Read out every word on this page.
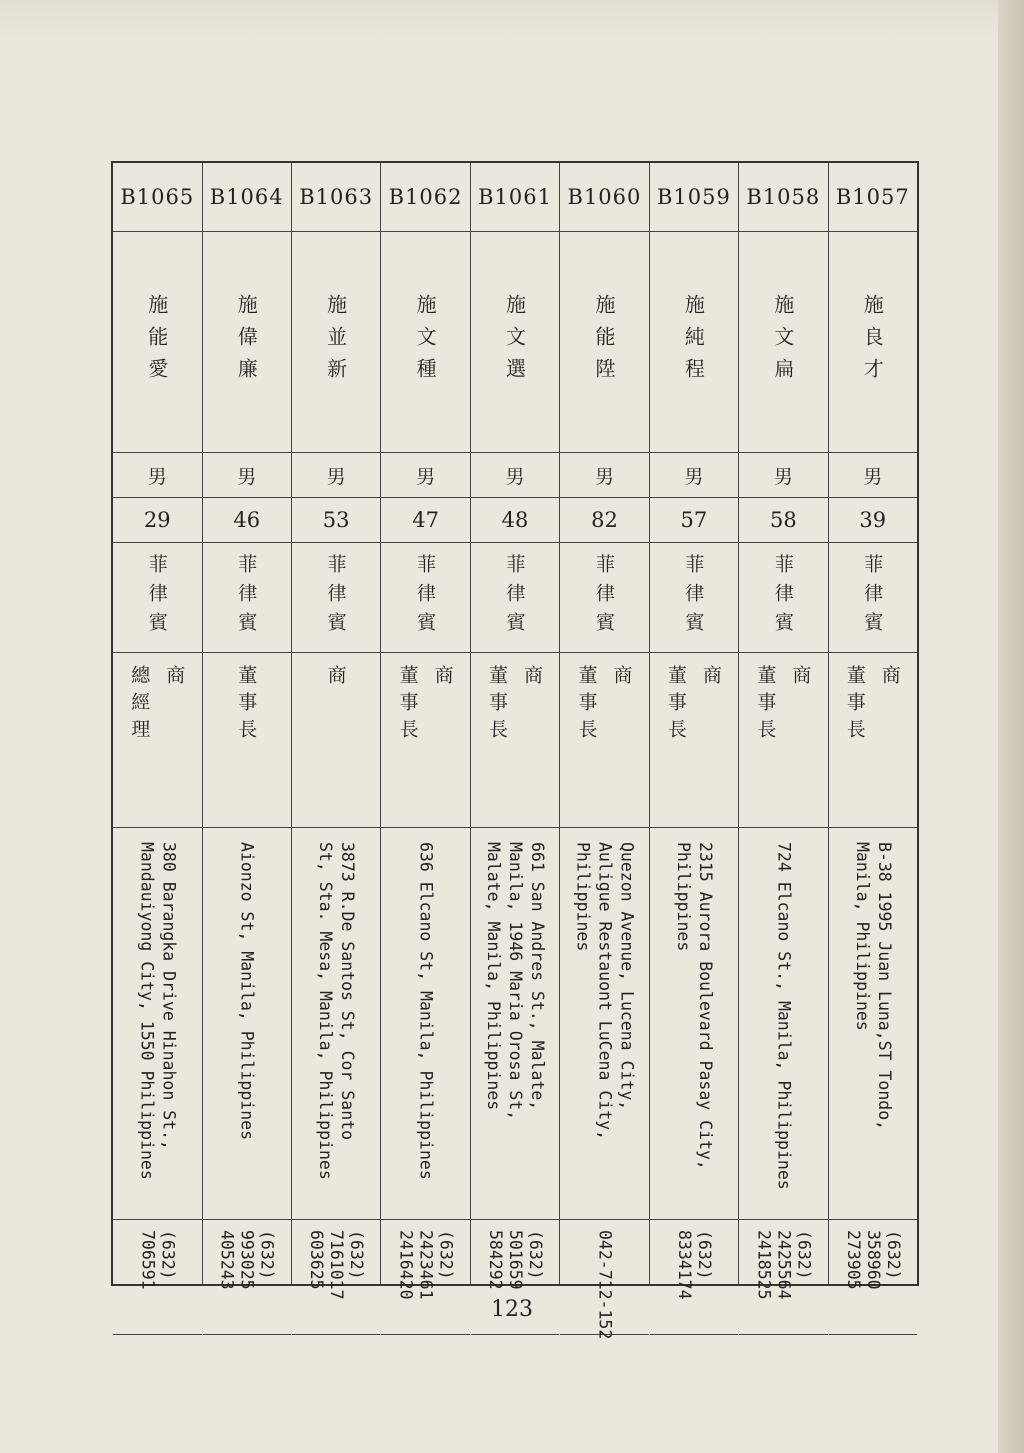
B1057
施良才
男
39
菲律賓
商
董事長
B-38 1995 Juan Luna,ST Tondo,
Manila, Philippines
(632)
358960
273905
B1058
施文扁
男
58
菲律賓
商
董事長
724 Elcano St., Manila, Philippines
(632)
2425564
2418525
B1059
施純程
男
57
菲律賓
商
董事長
2315 Aurora Boulevard Pasay City,
Philippines
(632)
8334174
B1060
施能陞
男
82
菲律賓
商
董事長
Quezon Avenue, Lucena City,
Auligue Restauont LuCena City,
Philippines
042-712-152
B1061
施文選
男
48
菲律賓
商
董事長
661 San Andres St., Malate,
Manila, 1946 Maria Orosa St,
Malate, Manila, Philippines
(632)
501659
584292
B1062
施文種
男
47
菲律賓
商
董事長
636 Elcano St, Manila, Philippines
(632)
2423461
2416420
B1063
施並新
男
53
菲律賓
商
3873 R.De Santos St, Cor Santo
St, Sta. Mesa, Manila, Philippines
(632)
7161017
603625
B1064
施偉廉
男
46
菲律賓
董事長
Aionzo St, Manila, Philippines
(632)
993025
405243
B1065
施能愛
男
29
菲律賓
商
總經理
380 Barangka Drive Hinahon St.,
Mandauiyong City, 1550 Philippines
(632)
706591
123
